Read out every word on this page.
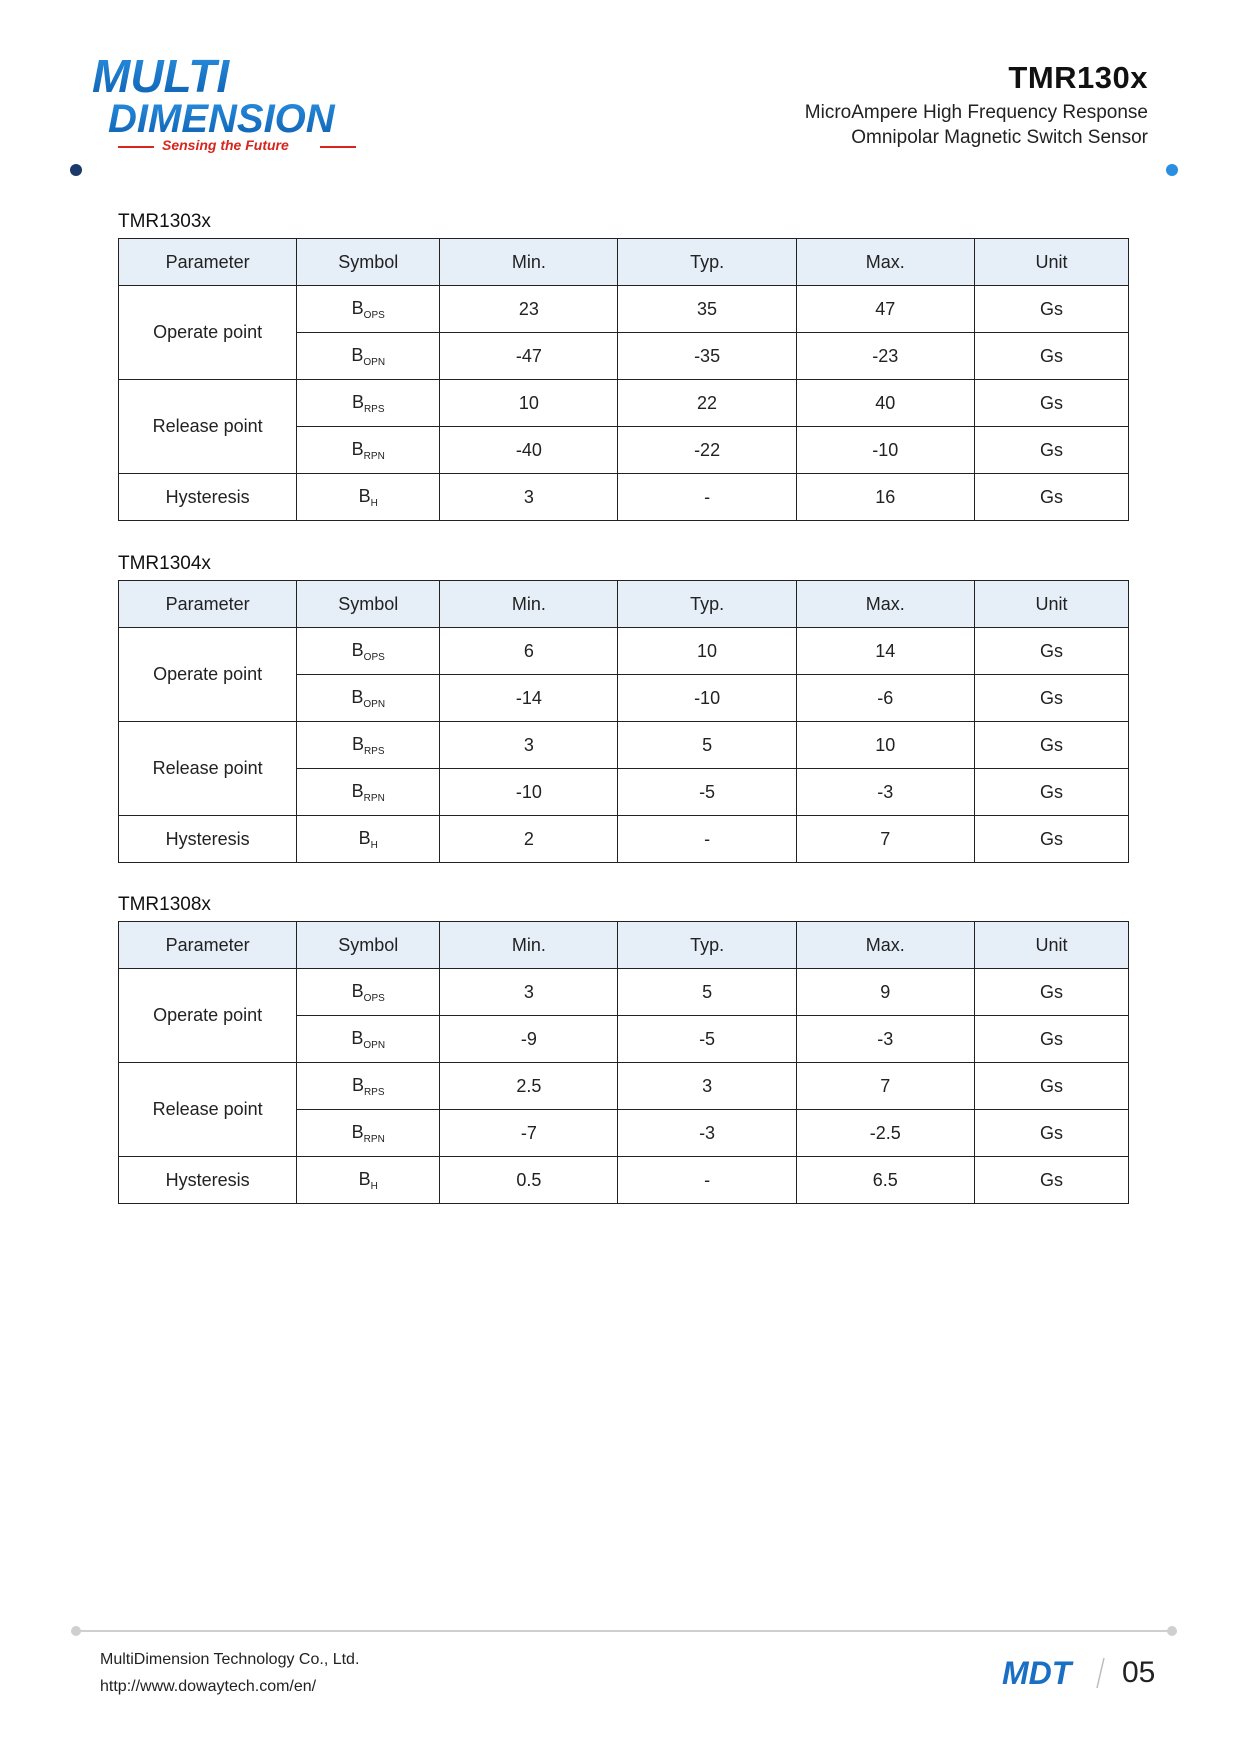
MULTI
DIMENSION
Sensing the Future
TMR130x
MicroAmpere High Frequency Response
Omnipolar Magnetic Switch Sensor
TMR1303x
Parameter	Symbol	Min.	Typ.	Max.	Unit
Operate point	$B_{OPS}$	23	35	47	Gs
	$B_{OPN}$	-47	-35	-23	Gs
Release point	$B_{RPS}$	10	22	40	Gs
	$B_{RPN}$	-40	-22	-10	Gs
Hysteresis	$B_H$	3	-	16	Gs
TMR1304x
Parameter	Symbol	Min.	Typ.	Max.	Unit
Operate point	$B_{OPS}$	6	10	14	Gs
	$B_{OPN}$	-14	-10	-6	Gs
Release point	$B_{RPS}$	3	5	10	Gs
	$B_{RPN}$	-10	-5	-3	Gs
Hysteresis	$B_H$	2	-	7	Gs
TMR1308x
Parameter	Symbol	Min.	Typ.	Max.	Unit
Operate point	$B_{OPS}$	3	5	9	Gs
	$B_{OPN}$	-9	-5	-3	Gs
Release point	$B_{RPS}$	2.5	3	7	Gs
	$B_{RPN}$	-7	-3	-2.5	Gs
Hysteresis	$B_H$	0.5	-	6.5	Gs
MultiDimension Technology Co., Ltd.
http://www.dowaytech.com/en/	MDT 05
